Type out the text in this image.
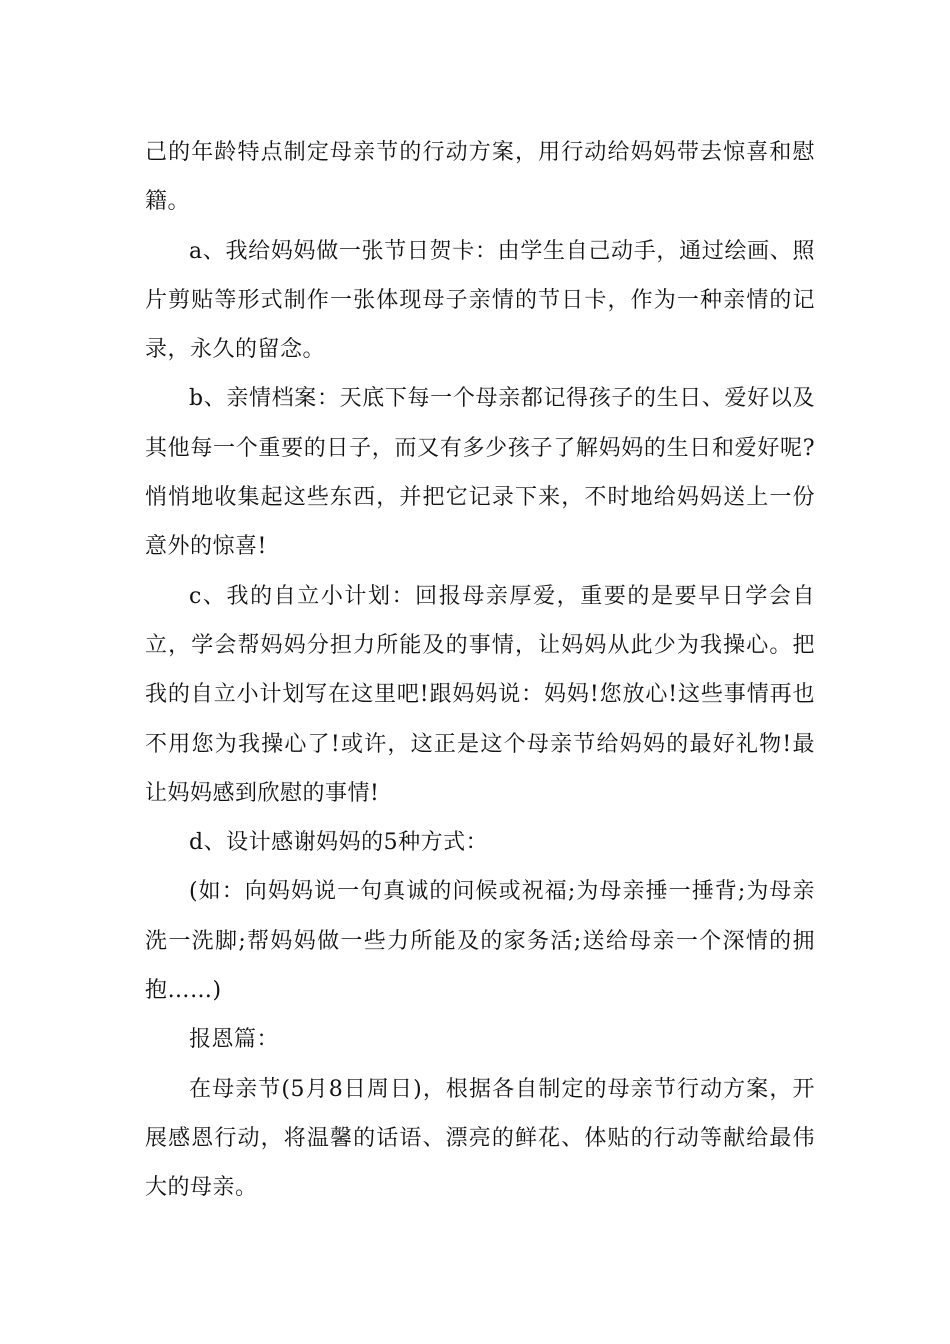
己的年龄特点制定母亲节的行动方案，用行动给妈妈带去惊喜和慰籍。

a、我给妈妈做一张节日贺卡：由学生自己动手，通过绘画、照片剪贴等形式制作一张体现母子亲情的节日卡，作为一种亲情的记录，永久的留念。

b、亲情档案：天底下每一个母亲都记得孩子的生日、爱好以及其他每一个重要的日子，而又有多少孩子了解妈妈的生日和爱好呢?悄悄地收集起这些东西，并把它记录下来，不时地给妈妈送上一份意外的惊喜!

c、我的自立小计划：回报母亲厚爱，重要的是要早日学会自立，学会帮妈妈分担力所能及的事情，让妈妈从此少为我操心。把我的自立小计划写在这里吧!跟妈妈说：妈妈!您放心!这些事情再也不用您为我操心了!或许，这正是这个母亲节给妈妈的最好礼物!最让妈妈感到欣慰的事情!

d、设计感谢妈妈的5种方式：

(如：向妈妈说一句真诚的问候或祝福;为母亲捶一捶背;为母亲洗一洗脚;帮妈妈做一些力所能及的家务活;送给母亲一个深情的拥抱……)

报恩篇：

在母亲节(5月8日周日)，根据各自制定的母亲节行动方案，开展感恩行动，将温馨的话语、漂亮的鲜花、体贴的行动等献给最伟大的母亲。
